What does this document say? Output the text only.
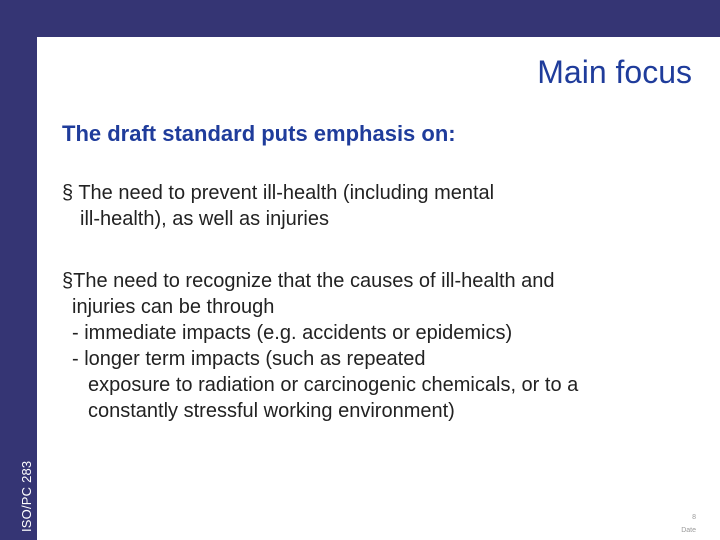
ISO/PC 283
Main focus
The draft standard puts emphasis on:
§ The need to prevent ill-health (including mental
ill-health), as well as injuries
§The need to recognize that the causes of ill-health and
injuries can be through
- immediate impacts (e.g. accidents or epidemics)
- longer term impacts (such as repeated
exposure to radiation or carcinogenic chemicals, or to a
constantly stressful working environment)
8
Date
